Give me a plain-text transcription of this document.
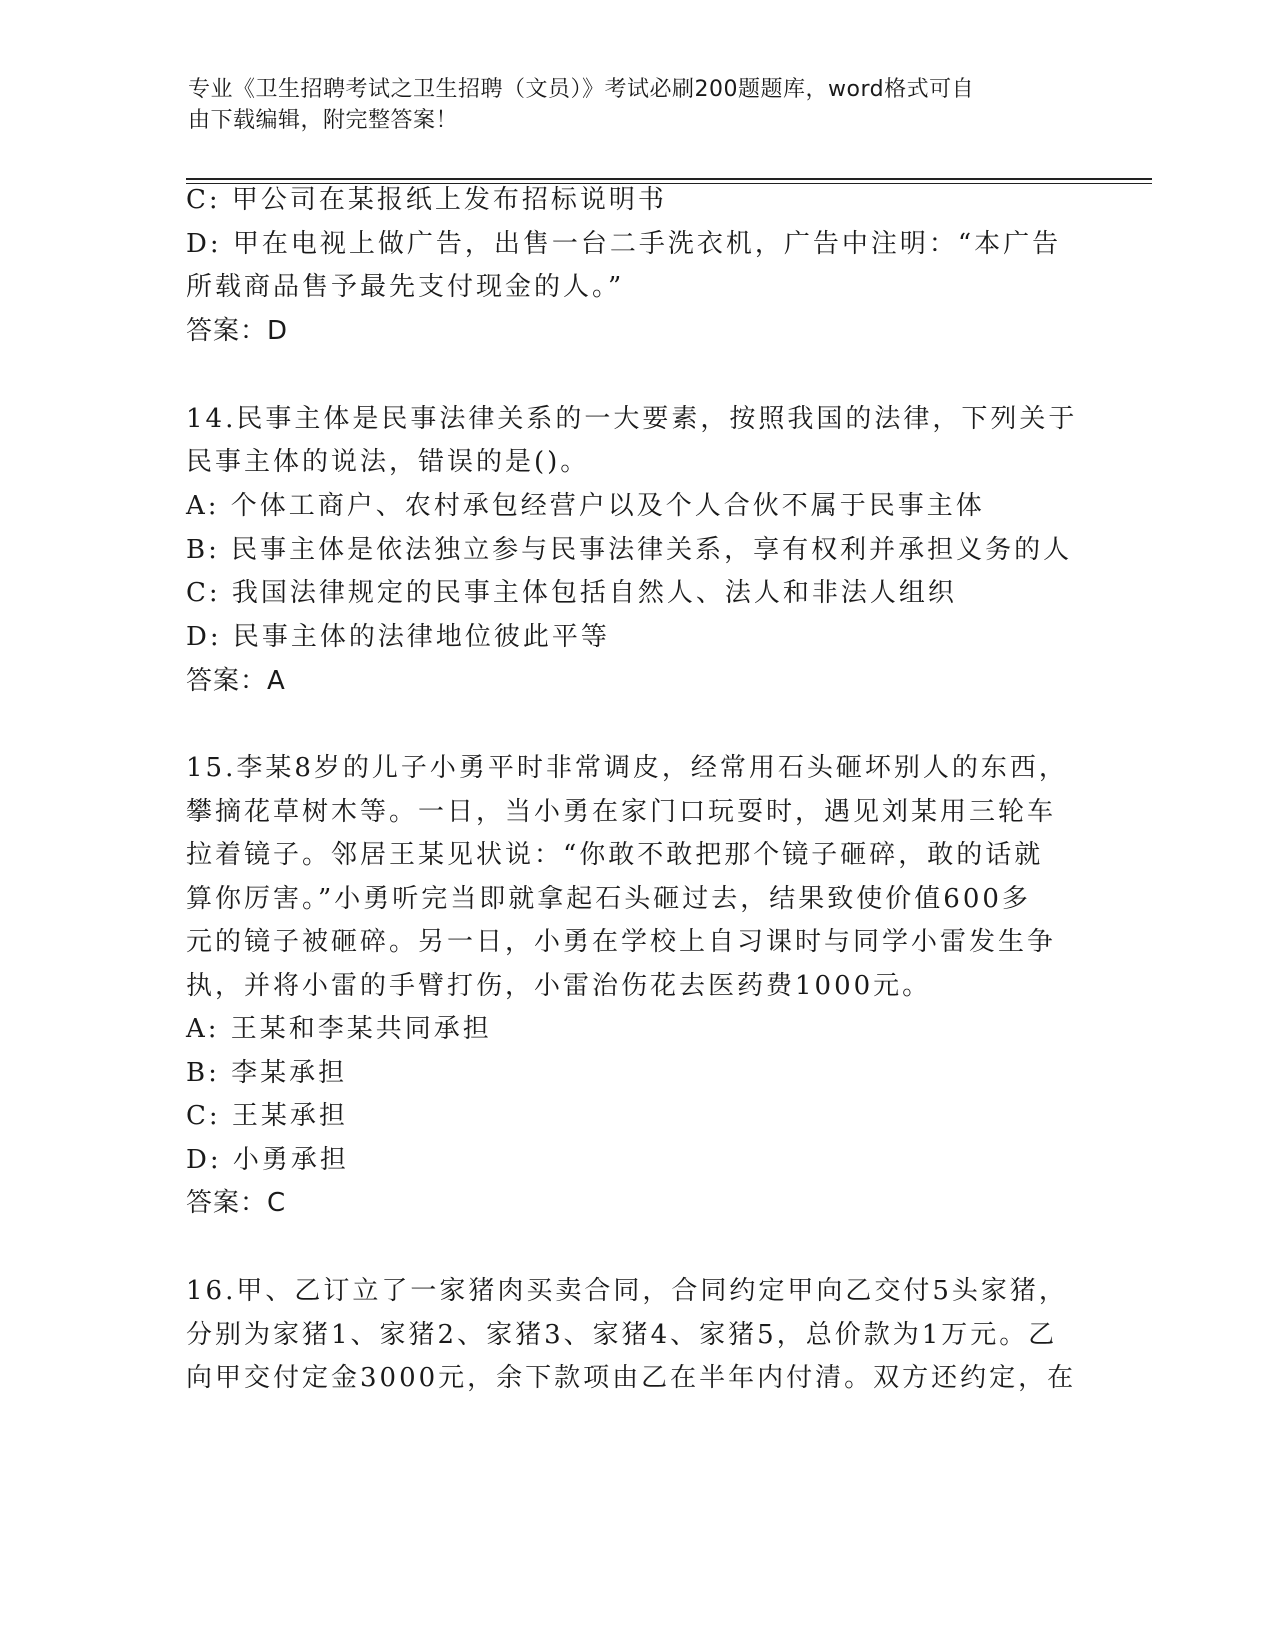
专业《卫生招聘考试之卫生招聘（文员）》考试必刷200题题库，word格式可自
由下载编辑，附完整答案！
C: 甲公司在某报纸上发布招标说明书
D: 甲在电视上做广告，出售一台二手洗衣机，广告中注明：“本广告
所载商品售予最先支付现金的人。”
答案：D
14.民事主体是民事法律关系的一大要素，按照我国的法律，下列关于
民事主体的说法，错误的是()。
A: 个体工商户、农村承包经营户以及个人合伙不属于民事主体
B: 民事主体是依法独立参与民事法律关系，享有权利并承担义务的人
C: 我国法律规定的民事主体包括自然人、法人和非法人组织
D: 民事主体的法律地位彼此平等
答案：A
15.李某8岁的儿子小勇平时非常调皮，经常用石头砸坏别人的东西，
攀摘花草树木等。一日，当小勇在家门口玩耍时，遇见刘某用三轮车
拉着镜子。邻居王某见状说：“你敢不敢把那个镜子砸碎，敢的话就
算你厉害。”小勇听完当即就拿起石头砸过去，结果致使价值600多
元的镜子被砸碎。另一日，小勇在学校上自习课时与同学小雷发生争
执，并将小雷的手臂打伤，小雷治伤花去医药费1000元。
A: 王某和李某共同承担
B: 李某承担
C: 王某承担
D: 小勇承担
答案：C
16.甲、乙订立了一家猪肉买卖合同，合同约定甲向乙交付5头家猪，
分别为家猪1、家猪2、家猪3、家猪4、家猪5，总价款为1万元。乙
向甲交付定金3000元，余下款项由乙在半年内付清。双方还约定，在
